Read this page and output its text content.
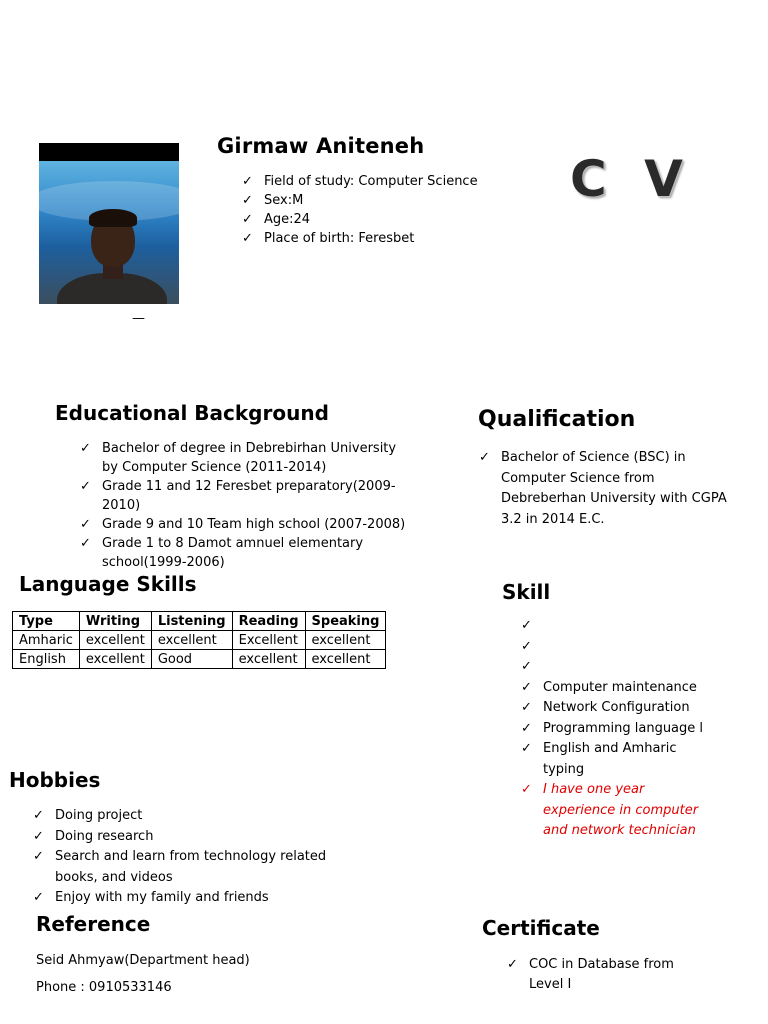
—
Girmaw Aniteneh
✓ Field of study: Computer Science
✓ Sex:M
✓ Age:24
✓ Place of birth: Feresbet
C V
Educational Background
✓ Bachelor of degree in Debrebirhan University by Computer Science (2011-2014)
✓ Grade 11 and 12 Feresbet preparatory(2009-2010)
✓ Grade 9 and 10 Team high school (2007-2008)
✓ Grade 1 to 8 Damot amnuel elementary school(1999-2006)
Qualification
✓ Bachelor of Science (BSC) in Computer Science from Debreberhan University with CGPA 3.2 in 2014 E.C.
Language Skills
Type	Writing	Listening	Reading	Speaking
Amharic	excellent	excellent	Excellent	excellent
English	excellent	Good	excellent	excellent
Skill
✓

✓

✓

✓ Computer maintenance
✓ Network Configuration
✓ Programming language l
✓ English and Amharic typing
✓ I have one year experience in computer and network technician
Hobbies
✓ Doing project
✓ Doing research
✓ Search and learn from technology related books, and videos
✓ Enjoy with my family and friends
Reference
Seid Ahmyaw(Department head)
Phone : 0910533146
Certificate
✓ COC in Database from Level I
